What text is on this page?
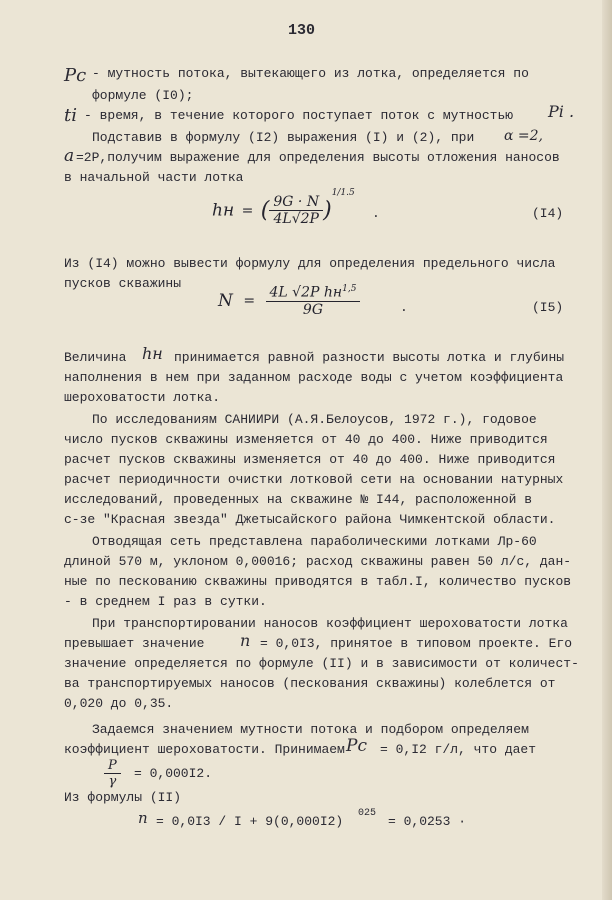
130
Pc - мутность потока, вытекающего из лотка, определяется по
формуле (I0);
ti - время, в течение которого поступает поток с мутностью Pi .
Подставив в формулу (I2) выражения (I) и (2), при α =2,
a =2P,получим выражение для определения высоты отложения наносов
в начальной части лотка
hн = ( $\frac{9G \cdot N}{4L√2P} )^{1/1.5}$
.	(I4)
Из (I4) можно вывести формулу для определения предельного числа
пусков скважины
$N = \frac{4L √2P hн^{1,5}}{9G}$	.	(I5)
Величина hн принимается равной разности высоты лотка и глубины
наполнения в нем при заданном расходе воды с учетом коэффициента
шероховатости лотка.
По исследованиям САНИИРИ (А.Я.Белоусов, 1972 г.), годовое
число пусков скважины изменяется от 40 до 400. Ниже приводится
расчет пусков скважины изменяется от 40 до 400. Ниже приводится
расчет периодичности очистки лотковой сети на основании натурных
исследований, проведенных на скважине № I44, расположенной в
с-зе "Красная звезда" Джетысайского района Чимкентской области.
Отводящая сеть представлена параболическими лотками Лр-60
длиной 570 м, уклоном 0,00016; расход скважины равен 50 л/с, дан-
ные по пескованию скважины приводятся в табл.I, количество пусков
- в среднем I раз в сутки.
При транспортировании наносов коэффициент шероховатости лотка
превышает значение n = 0,0I3, принятое в типовом проекте. Его
значение определяется по формуле (II) и в зависимости от количест-
ва транспортируемых наносов (пескования скважины) колеблется от
0,020 до 0,35.
Задаемся значением мутности потока и подбором определяем
коэффициент шероховатости. Принимаем Pc = 0,I2 г/л, что дает
$\frac{P}{\gamma} = 0,000I2$.
Из формулы (II)
n = 0,0I3 / I + 9(0,000I2)
025
= 0,0253 ·
